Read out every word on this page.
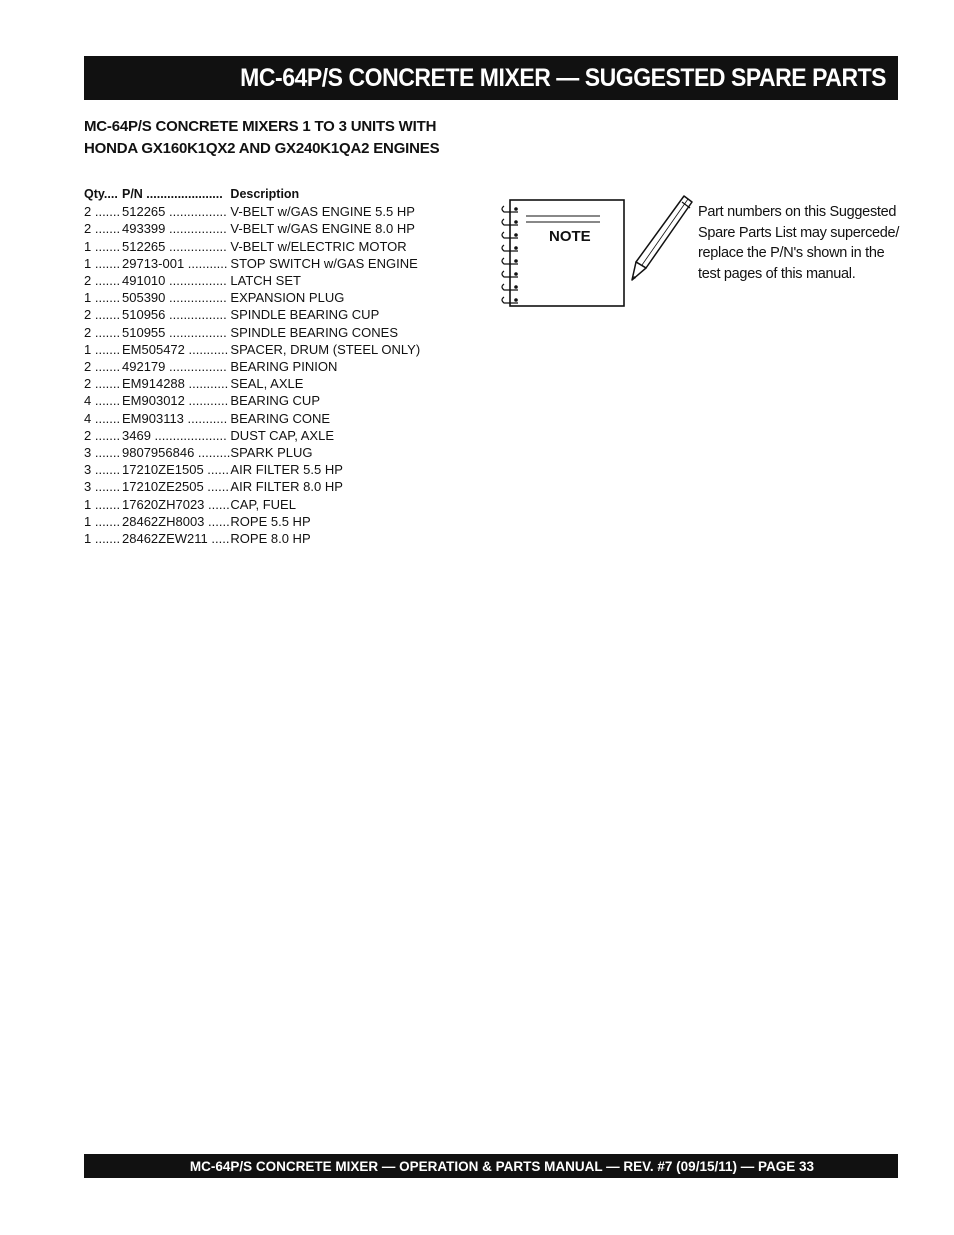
MC-64P/S CONCRETE MIXER — SUGGESTED SPARE PARTS
MC-64P/S CONCRETE MIXERS 1 TO 3 UNITS WITH
HONDA GX160K1QX2 AND GX240K1QA2 ENGINES
Qty....	P/N ......................	Description
2 .......	512265 ................	V-BELT w/GAS ENGINE 5.5 HP
2 .......	493399 ................	V-BELT w/GAS ENGINE 8.0 HP
1 .......	512265 ................	V-BELT w/ELECTRIC MOTOR
1 .......	29713-001 ...........	STOP SWITCH w/GAS ENGINE
2 .......	491010 ................	LATCH SET
1 .......	505390 ................	EXPANSION PLUG
2 .......	510956 ................	SPINDLE BEARING CUP
2 .......	510955 ................	SPINDLE BEARING CONES
1 .......	EM505472 ...........	SPACER, DRUM (STEEL ONLY)
2 .......	492179 ................	BEARING PINION
2 .......	EM914288 ...........	SEAL, AXLE
4 .......	EM903012 ...........	BEARING CUP
4 .......	EM903113 ...........	BEARING CONE
2 .......	3469 ....................	DUST CAP, AXLE
3 .......	9807956846 .........	SPARK PLUG
3 .......	17210ZE1505 ......	AIR FILTER 5.5 HP
3 .......	17210ZE2505 ......	AIR FILTER 8.0 HP
1 .......	17620ZH7023 ......	CAP, FUEL
1 .......	28462ZH8003 ......	ROPE 5.5 HP
1 .......	28462ZEW211 .....	ROPE 8.0 HP
NOTE
Part numbers on this Suggested
Spare Parts List may supercede/
replace the P/N's shown in the
test pages of this manual.
MC-64P/S CONCRETE MIXER — OPERATION & PARTS MANUAL — REV. #7 (09/15/11) — PAGE 33
